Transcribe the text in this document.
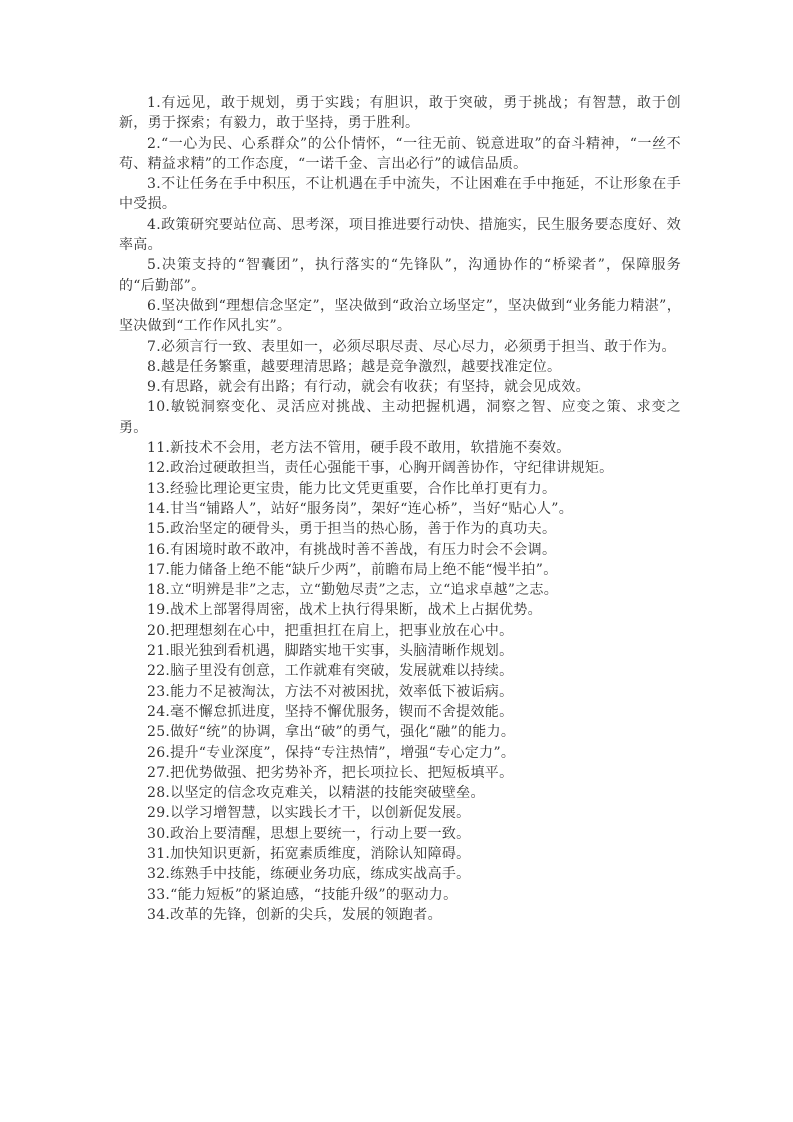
1.有远见，敢于规划，勇于实践；有胆识，敢于突破，勇于挑战；有智慧，敢于创新，勇于探索；有毅力，敢于坚持，勇于胜利。

2.“一心为民、心系群众”的公仆情怀，“一往无前、锐意进取”的奋斗精神，“一丝不苟、精益求精”的工作态度，“一诺千金、言出必行”的诚信品质。

3.不让任务在手中积压，不让机遇在手中流失，不让困难在手中拖延，不让形象在手中受损。

4.政策研究要站位高、思考深，项目推进要行动快、措施实，民生服务要态度好、效率高。

5.决策支持的“智囊团”，执行落实的“先锋队”，沟通协作的“桥梁者”，保障服务的“后勤部”。

6.坚决做到“理想信念坚定”，坚决做到“政治立场坚定”，坚决做到“业务能力精湛”，坚决做到“工作作风扎实”。

7.必须言行一致、表里如一，必须尽职尽责、尽心尽力，必须勇于担当、敢于作为。

8.越是任务繁重，越要理清思路；越是竞争激烈，越要找准定位。

9.有思路，就会有出路；有行动，就会有收获；有坚持，就会见成效。

10.敏锐洞察变化、灵活应对挑战、主动把握机遇，洞察之智、应变之策、求变之勇。

11.新技术不会用，老方法不管用，硬手段不敢用，软措施不奏效。

12.政治过硬敢担当，责任心强能干事，心胸开阔善协作，守纪律讲规矩。

13.经验比理论更宝贵，能力比文凭更重要，合作比单打更有力。

14.甘当“铺路人”，站好“服务岗”，架好“连心桥”，当好“贴心人”。

15.政治坚定的硬骨头，勇于担当的热心肠，善于作为的真功夫。

16.有困境时敢不敢冲，有挑战时善不善战，有压力时会不会调。

17.能力储备上绝不能“缺斤少两”，前瞻布局上绝不能“慢半拍”。

18.立“明辨是非”之志，立“勤勉尽责”之志，立“追求卓越”之志。

19.战术上部署得周密，战术上执行得果断，战术上占据优势。

20.把理想刻在心中，把重担扛在肩上，把事业放在心中。

21.眼光独到看机遇，脚踏实地干实事，头脑清晰作规划。

22.脑子里没有创意，工作就难有突破，发展就难以持续。

23.能力不足被淘汰，方法不对被困扰，效率低下被诟病。

24.毫不懈怠抓进度，坚持不懈优服务，锲而不舍提效能。

25.做好“统”的协调，拿出“破”的勇气，强化“融”的能力。

26.提升“专业深度”，保持“专注热情”，增强“专心定力”。

27.把优势做强、把劣势补齐，把长项拉长、把短板填平。

28.以坚定的信念攻克难关，以精湛的技能突破壁垒。

29.以学习增智慧，以实践长才干，以创新促发展。

30.政治上要清醒，思想上要统一，行动上要一致。

31.加快知识更新，拓宽素质维度，消除认知障碍。

32.练熟手中技能，练硬业务功底，练成实战高手。

33.“能力短板”的紧迫感，“技能升级”的驱动力。

34.改革的先锋，创新的尖兵，发展的领跑者。
